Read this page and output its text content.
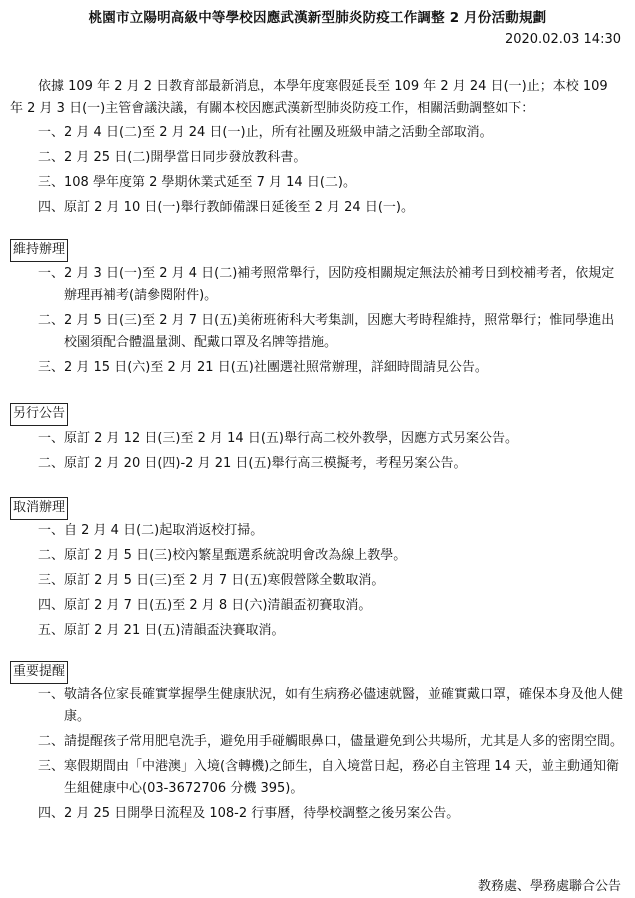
桃園市立陽明高級中等學校因應武漢新型肺炎防疫工作調整 2 月份活動規劃
2020.02.03 14:30

依據 109 年 2 月 2 日教育部最新消息，本學年度寒假延長至 109 年 2 月 24 日(一)止；本校 109 年 2 月 3 日(一)主管會議決議，有關本校因應武漢新型肺炎防疫工作，相關活動調整如下：

一、 2 月 4 日(二)至 2 月 24 日(一)止，所有社團及班級申請之活動全部取消。
二、 2 月 25 日(二)開學當日同步發放教科書。
三、 108 學年度第 2 學期休業式延至 7 月 14 日(二)。
四、 原訂 2 月 10 日(一)舉行教師備課日延後至 2 月 24 日(一)。
維持辦理
一、 2 月 3 日(一)至 2 月 4 日(二)補考照常舉行，因防疫相關規定無法於補考日到校補考者，依規定辦理再補考(請參閱附件)。
二、 2 月 5 日(三)至 2 月 7 日(五)美術班術科大考集訓，因應大考時程維持，照常舉行；惟同學進出校園須配合體溫量測、配戴口罩及名牌等措施。
三、 2 月 15 日(六)至 2 月 21 日(五)社團選社照常辦理，詳細時間請見公告。
另行公告
一、 原訂 2 月 12 日(三)至 2 月 14 日(五)舉行高二校外教學，因應方式另案公告。
二、 原訂 2 月 20 日(四)-2 月 21 日(五)舉行高三模擬考，考程另案公告。
取消辦理
一、 自 2 月 4 日(二)起取消返校打掃。
二、 原訂 2 月 5 日(三)校內繁星甄選系統說明會改為線上教學。
三、 原訂 2 月 5 日(三)至 2 月 7 日(五)寒假營隊全數取消。
四、 原訂 2 月 7 日(五)至 2 月 8 日(六)清韻盃初賽取消。
五、 原訂 2 月 21 日(五)清韻盃決賽取消。
重要提醒
一、 敬請各位家長確實掌握學生健康狀況，如有生病務必儘速就醫，並確實戴口罩，確保本身及他人健康。
二、 請提醒孩子常用肥皂洗手，避免用手碰觸眼鼻口，儘量避免到公共場所，尤其是人多的密閉空間。
三、 寒假期間由「中港澳」入境(含轉機)之師生，自入境當日起，務必自主管理 14 天，並主動通知衛生組健康中心(03-3672706 分機 395)。
四、 2 月 25 日開學日流程及 108-2 行事曆，待學校調整之後另案公告。
教務處、學務處聯合公告
